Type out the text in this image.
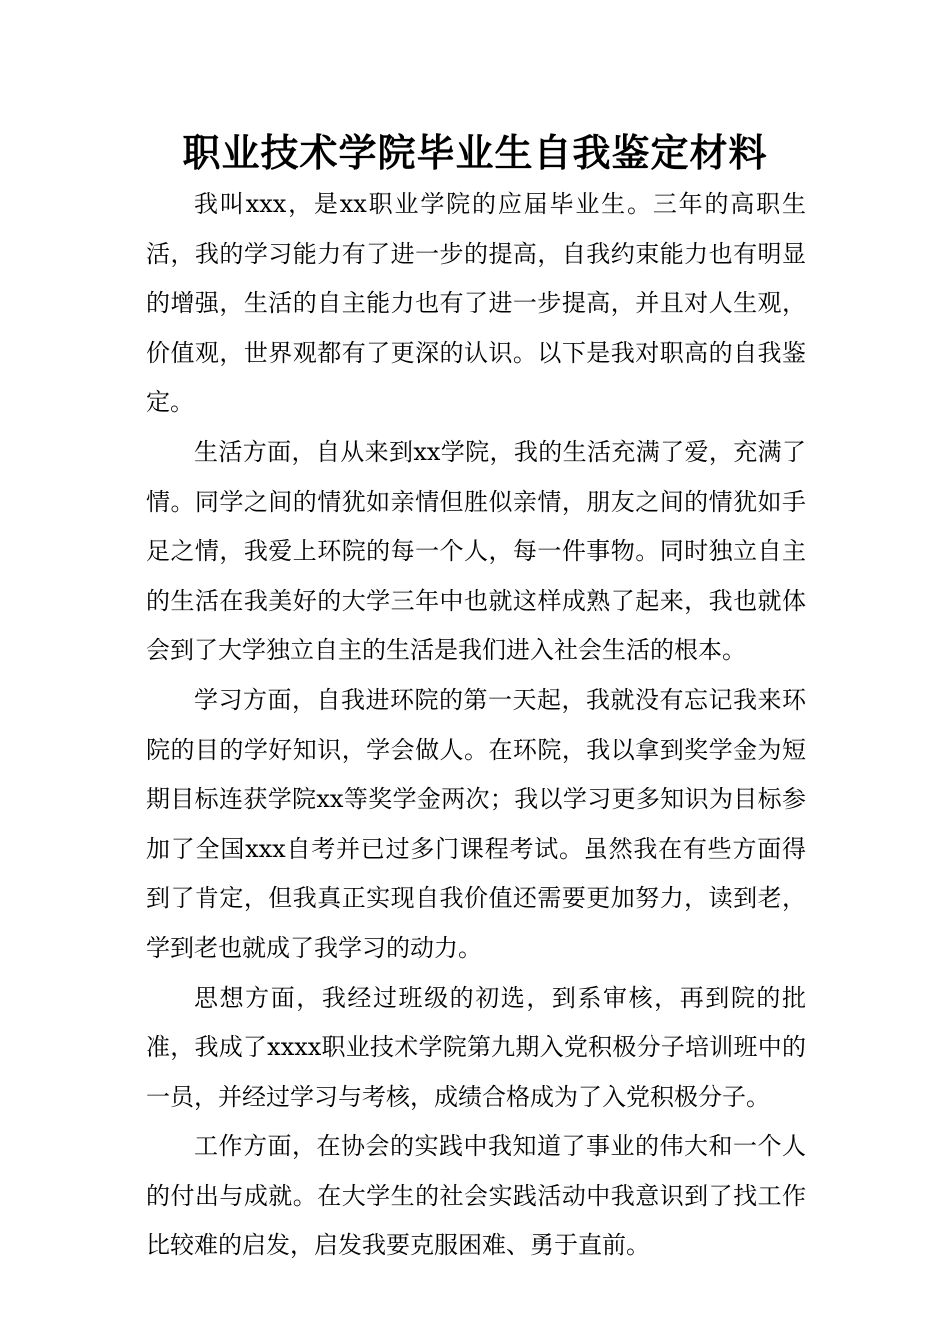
职业技术学院毕业生自我鉴定材料

我叫xxx，是xx职业学院的应届毕业生。三年的高职生活，我的学习能力有了进一步的提高，自我约束能力也有明显的增强，生活的自主能力也有了进一步提高，并且对人生观，价值观，世界观都有了更深的认识。以下是我对职高的自我鉴定。

生活方面，自从来到xx学院，我的生活充满了爱，充满了情。同学之间的情犹如亲情但胜似亲情，朋友之间的情犹如手足之情，我爱上环院的每一个人，每一件事物。同时独立自主的生活在我美好的大学三年中也就这样成熟了起来，我也就体会到了大学独立自主的生活是我们进入社会生活的根本。

学习方面，自我进环院的第一天起，我就没有忘记我来环院的目的学好知识，学会做人。在环院，我以拿到奖学金为短期目标连获学院xx等奖学金两次；我以学习更多知识为目标参加了全国xxx自考并已过多门课程考试。虽然我在有些方面得到了肯定，但我真正实现自我价值还需要更加努力，读到老，学到老也就成了我学习的动力。

思想方面，我经过班级的初选，到系审核，再到院的批准，我成了xxxx职业技术学院第九期入党积极分子培训班中的一员，并经过学习与考核，成绩合格成为了入党积极分子。

工作方面，在协会的实践中我知道了事业的伟大和一个人的付出与成就。在大学生的社会实践活动中我意识到了找工作比较难的启发，启发我要克服困难、勇于直前。
